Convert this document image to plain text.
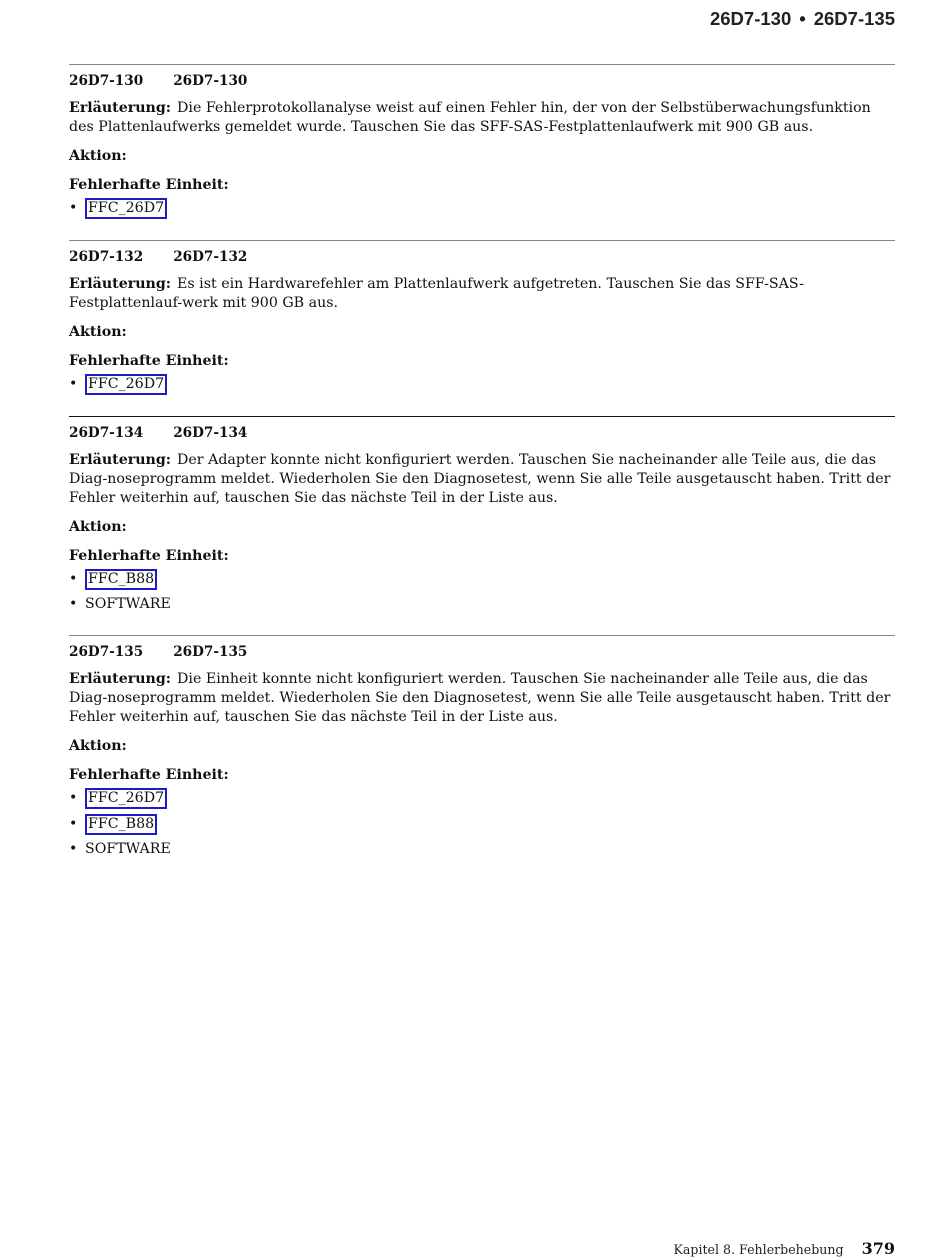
26D7-130 • 26D7-135
26D7-130 26D7-130

Erläuterung: Die Fehlerprotokollanalyse weist auf einen Fehler hin, der von der Selbstüberwachungsfunktion des Plattenlaufwerks gemeldet wurde. Tauschen Sie das SFF-SAS-Festplattenlaufwerk mit 900 GB aus.

Aktion:
Fehlerhafte Einheit:
• FFC_26D7
26D7-132 26D7-132

Erläuterung: Es ist ein Hardwarefehler am Plattenlaufwerk aufgetreten. Tauschen Sie das SFF-SAS-Festplattenlauf-werk mit 900 GB aus.

Aktion:
Fehlerhafte Einheit:
• FFC_26D7
26D7-134 26D7-134

Erläuterung: Der Adapter konnte nicht konfiguriert werden. Tauschen Sie nacheinander alle Teile aus, die das Diag-noseprogramm meldet. Wiederholen Sie den Diagnosetest, wenn Sie alle Teile ausgetauscht haben. Tritt der Fehler weiterhin auf, tauschen Sie das nächste Teil in der Liste aus.

Aktion:
Fehlerhafte Einheit:
• FFC_B88
• SOFTWARE
26D7-135 26D7-135

Erläuterung: Die Einheit konnte nicht konfiguriert werden. Tauschen Sie nacheinander alle Teile aus, die das Diag-noseprogramm meldet. Wiederholen Sie den Diagnosetest, wenn Sie alle Teile ausgetauscht haben. Tritt der Fehler weiterhin auf, tauschen Sie das nächste Teil in der Liste aus.

Aktion:
Fehlerhafte Einheit:
• FFC_26D7
• FFC_B88
• SOFTWARE
Kapitel 8. Fehlerbehebung 379
